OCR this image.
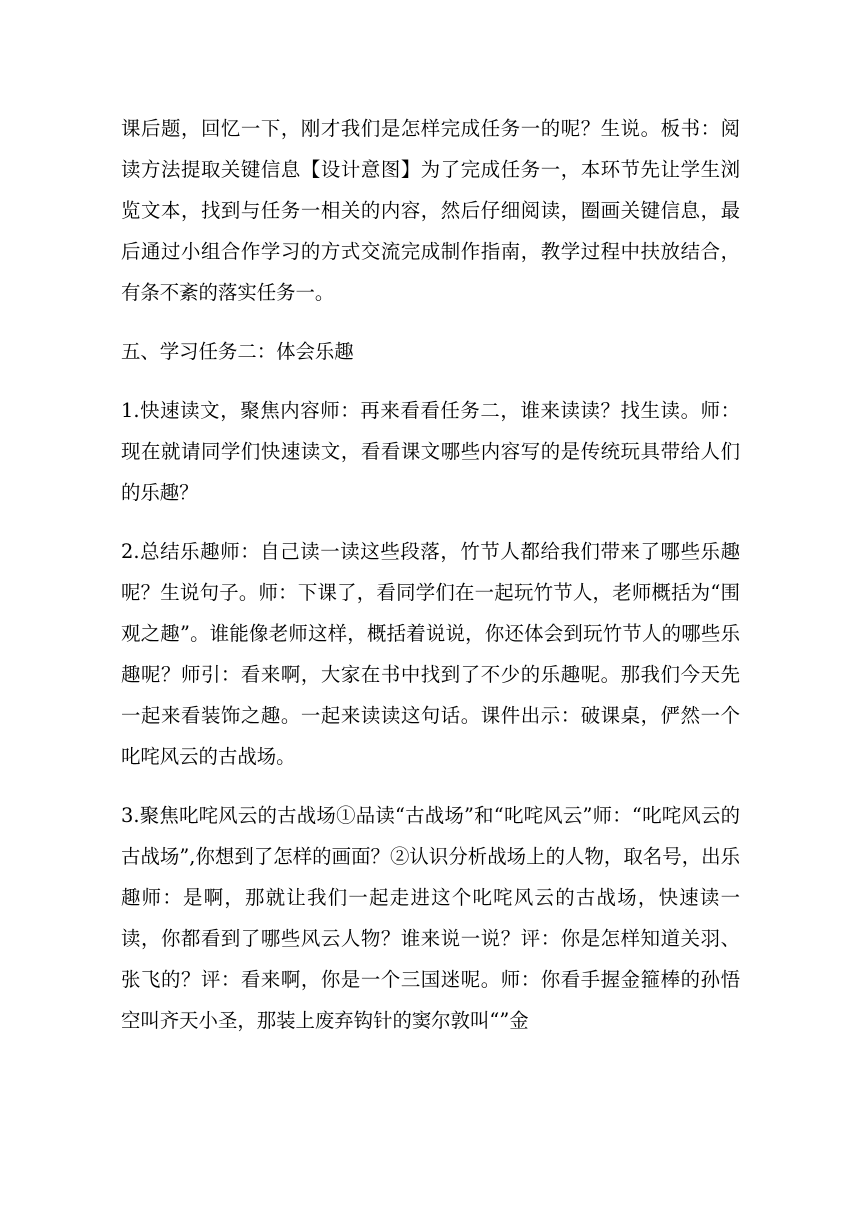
课后题，回忆一下，刚才我们是怎样完成任务一的呢？生说。板书：阅读方法提取关键信息【设计意图】为了完成任务一，本环节先让学生浏览文本，找到与任务一相关的内容，然后仔细阅读，圈画关键信息，最后通过小组合作学习的方式交流完成制作指南，教学过程中扶放结合，有条不紊的落实任务一。

五、学习任务二：体会乐趣

1.快速读文，聚焦内容师：再来看看任务二，谁来读读？找生读。师：现在就请同学们快速读文，看看课文哪些内容写的是传统玩具带给人们的乐趣？

2.总结乐趣师：自己读一读这些段落，竹节人都给我们带来了哪些乐趣呢？生说句子。师：下课了，看同学们在一起玩竹节人，老师概括为“围观之趣”。谁能像老师这样，概括着说说，你还体会到玩竹节人的哪些乐趣呢？师引：看来啊，大家在书中找到了不少的乐趣呢。那我们今天先一起来看装饰之趣。一起来读读这句话。课件出示：破课桌，俨然一个叱咤风云的古战场。

3.聚焦叱咤风云的古战场①品读“古战场”和“叱咤风云”师：“叱咤风云的古战场”,你想到了怎样的画面？②认识分析战场上的人物，取名号，出乐趣师：是啊，那就让我们一起走进这个叱咤风云的古战场，快速读一读，你都看到了哪些风云人物？谁来说一说？评：你是怎样知道关羽、张飞的？评：看来啊，你是一个三国迷呢。师：你看手握金箍棒的孙悟空叫齐天小圣，那装上废弃钩针的窦尔敦叫“”金
